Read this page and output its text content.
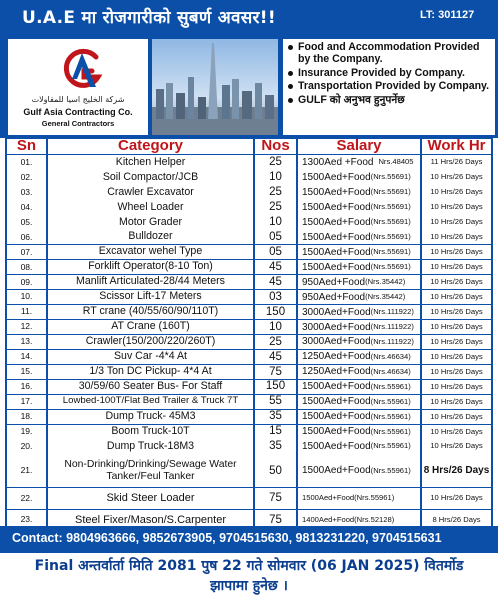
U.A.E मा रोजगारीको सुबर्ण अवसर!!	LT: 301127
شركة الخليج اسيا للمقاولات
Gulf Asia Contracting Co.
General Contractors
Food and Accommodation Provided by the Company.
Insurance Provided by Company.
Transportation Provided by Company.
GULF को अनुभव हुनुपर्नेछ
Sn	Category	Nos	Salary	Work Hr
01.	Kitchen Helper	25	1300Aed +Food Nrs.48405	11 Hrs/26 Days
02.	Soil Compactor/JCB	10	1500Aed+Food (Nrs.55691)	10 Hrs/26 Days
03.	Crawler Excavator	25	1500Aed+Food (Nrs.55691)	10 Hrs/26 Days
04.	Wheel Loader	25	1500Aed+Food (Nrs.55691)	10 Hrs/26 Days
05.	Motor Grader	10	1500Aed+Food (Nrs.55691)	10 Hrs/26 Days
06.	Bulldozer	05	1500Aed+Food (Nrs.55691)	10 Hrs/26 Days
07.	Excavator wehel Type	05	1500Aed+Food (Nrs.55691)	10 Hrs/26 Days
08.	Forklift Operator(8-10 Ton)	45	1500Aed+Food (Nrs.55691)	10 Hrs/26 Days
09.	Manlift Articulated-28/44 Meters	45	950Aed+Food (Nrs.35442)	10 Hrs/26 Days
10.	Scissor Lift-17 Meters	03	950Aed+Food (Nrs.35442)	10 Hrs/26 Days
11.	RT crane (40/55/60/90/110T)	150	3000Aed+Food (Nrs.111922)	10 Hrs/26 Days
12.	AT Crane (160T)	10	3000Aed+Food (Nrs.111922)	10 Hrs/26 Days
13.	Crawler(150/200/220/260T)	25	3000Aed+Food (Nrs.111922)	10 Hrs/26 Days
14.	Suv Car -4*4 At	45	1250Aed+Food (Nrs.46634)	10 Hrs/26 Days
15.	1/3 Ton DC Pickup- 4*4 At	75	1250Aed+Food (Nrs.46634)	10 Hrs/26 Days
16.	30/59/60 Seater Bus- For Staff	150	1500Aed+Food (Nrs.55961)	10 Hrs/26 Days
17.	Lowbed-100T/Flat Bed Trailer & Truck 7T	55	1500Aed+Food (Nrs.55961)	10 Hrs/26 Days
18.	Dump Truck- 45M3	35	1500Aed+Food (Nrs.55961)	10 Hrs/26 Days
19.	Boom Truck-10T	15	1500Aed+Food (Nrs.55961)	10 Hrs/26 Days
20.	Dump Truck-18M3	35	1500Aed+Food (Nrs.55961)	10 Hrs/26 Days
21.	Non-Drinking/Drinking/Sewage Water Tanker/Feul Tanker	50	1500Aed+Food (Nrs.55961) 8 Hrs/26 Days
22.	Skid Steer Loader	75	1500Aed+Food(Nrs.55961)	10 Hrs/26 Days
23.	Steel Fixer/Mason/S.Carpenter	75	1400Aed+Food(Nrs.52128)	8 Hrs/26 Days
Contact: 9804963666, 9852673905, 9704515630, 9813231220, 9704515631
Final अन्तर्वार्ता मिति 2081 पुष 22 गते सोमवार (06 JAN 2025) वितर्मोड
झापामा हुनेछ ।
